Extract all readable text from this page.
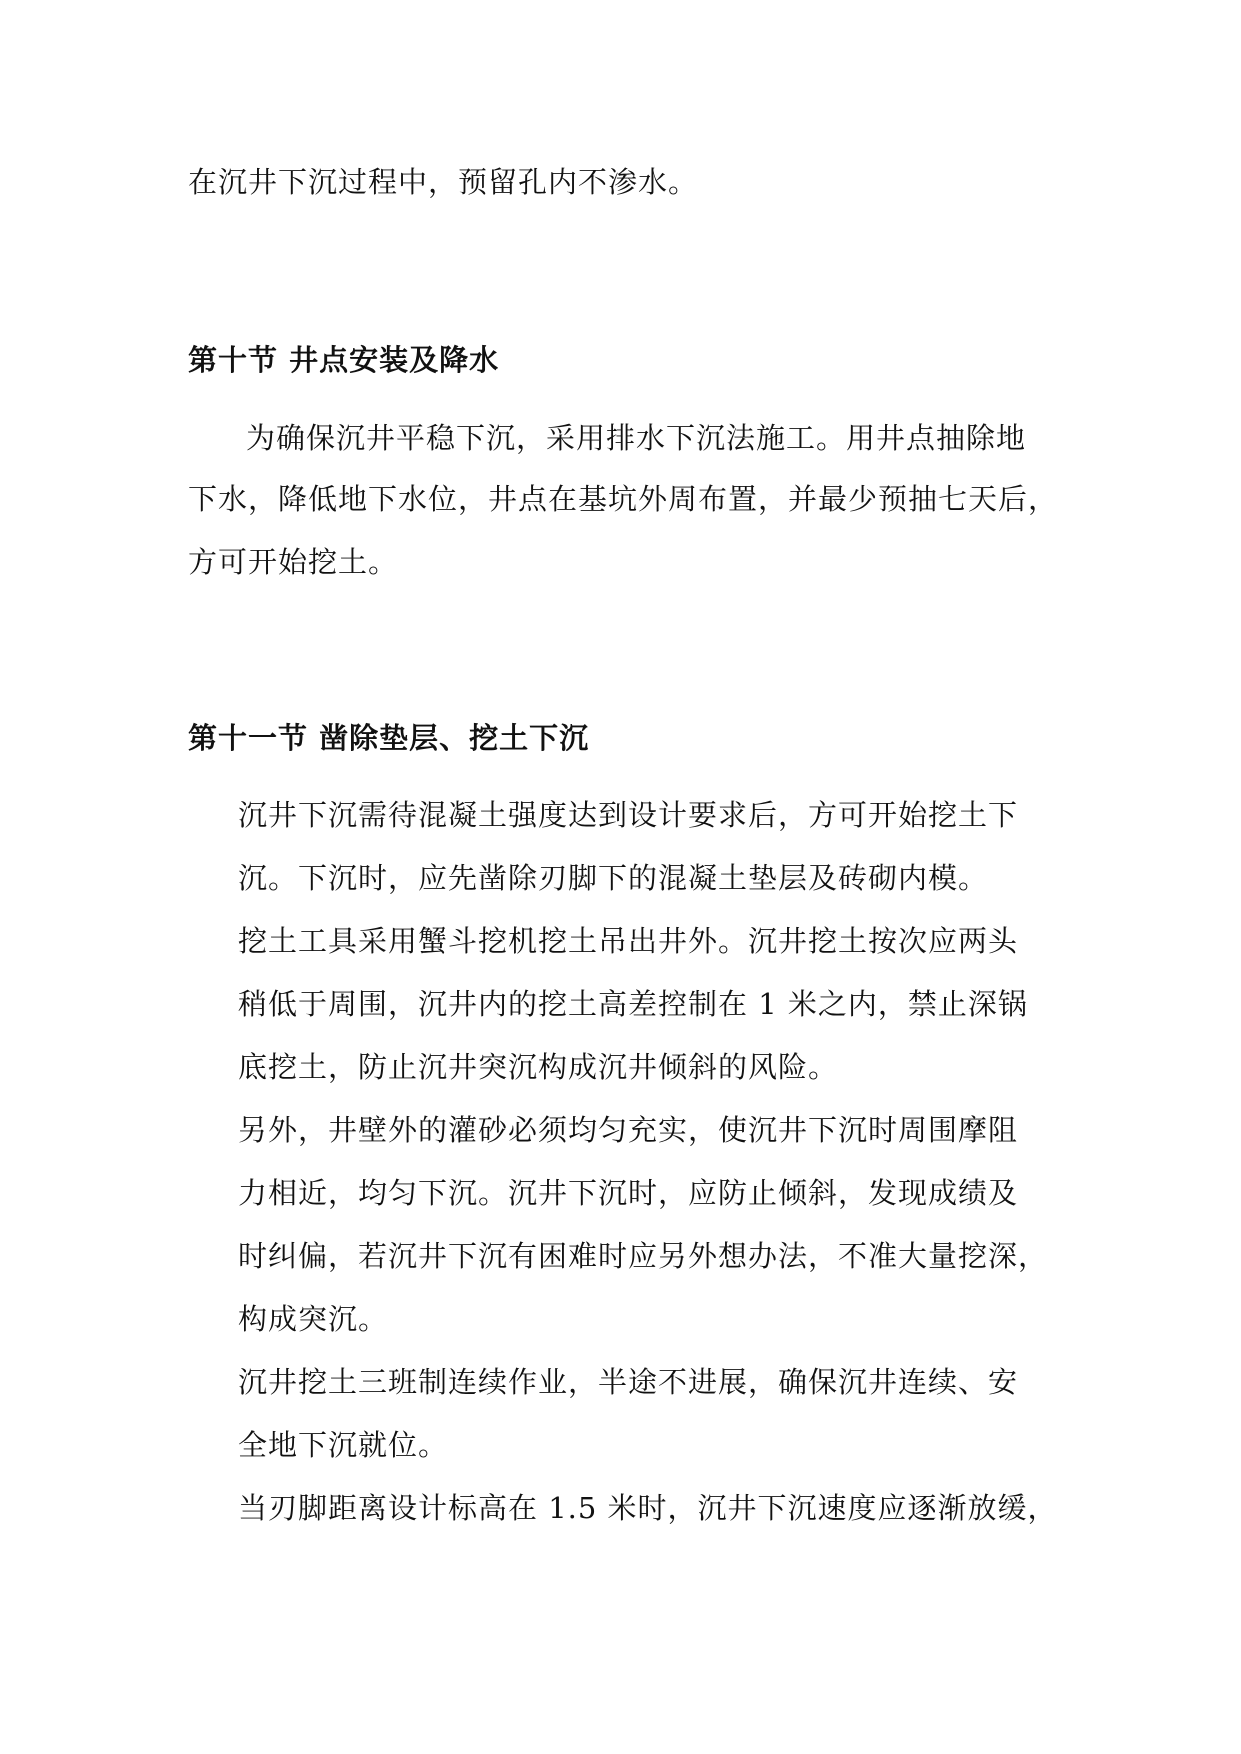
在沉井下沉过程中，预留孔内不渗水。
第十节 井点安装及降水
为确保沉井平稳下沉，采用排水下沉法施工。用井点抽除地
下水，降低地下水位，井点在基坑外周布置，并最少预抽七天后，
方可开始挖土。
第十一节 凿除垫层、挖土下沉
沉井下沉需待混凝土强度达到设计要求后，方可开始挖土下
沉。下沉时，应先凿除刃脚下的混凝土垫层及砖砌内模。
挖土工具采用蟹斗挖机挖土吊出井外。沉井挖土按次应两头
稍低于周围，沉井内的挖土高差控制在 1 米之内，禁止深锅
底挖土，防止沉井突沉构成沉井倾斜的风险。
另外，井壁外的灌砂必须均匀充实，使沉井下沉时周围摩阻
力相近，均匀下沉。沉井下沉时，应防止倾斜，发现成绩及
时纠偏，若沉井下沉有困难时应另外想办法，不准大量挖深，
构成突沉。
沉井挖土三班制连续作业，半途不进展，确保沉井连续、安
全地下沉就位。
当刃脚距离设计标高在 1.5 米时，沉井下沉速度应逐渐放缓，
